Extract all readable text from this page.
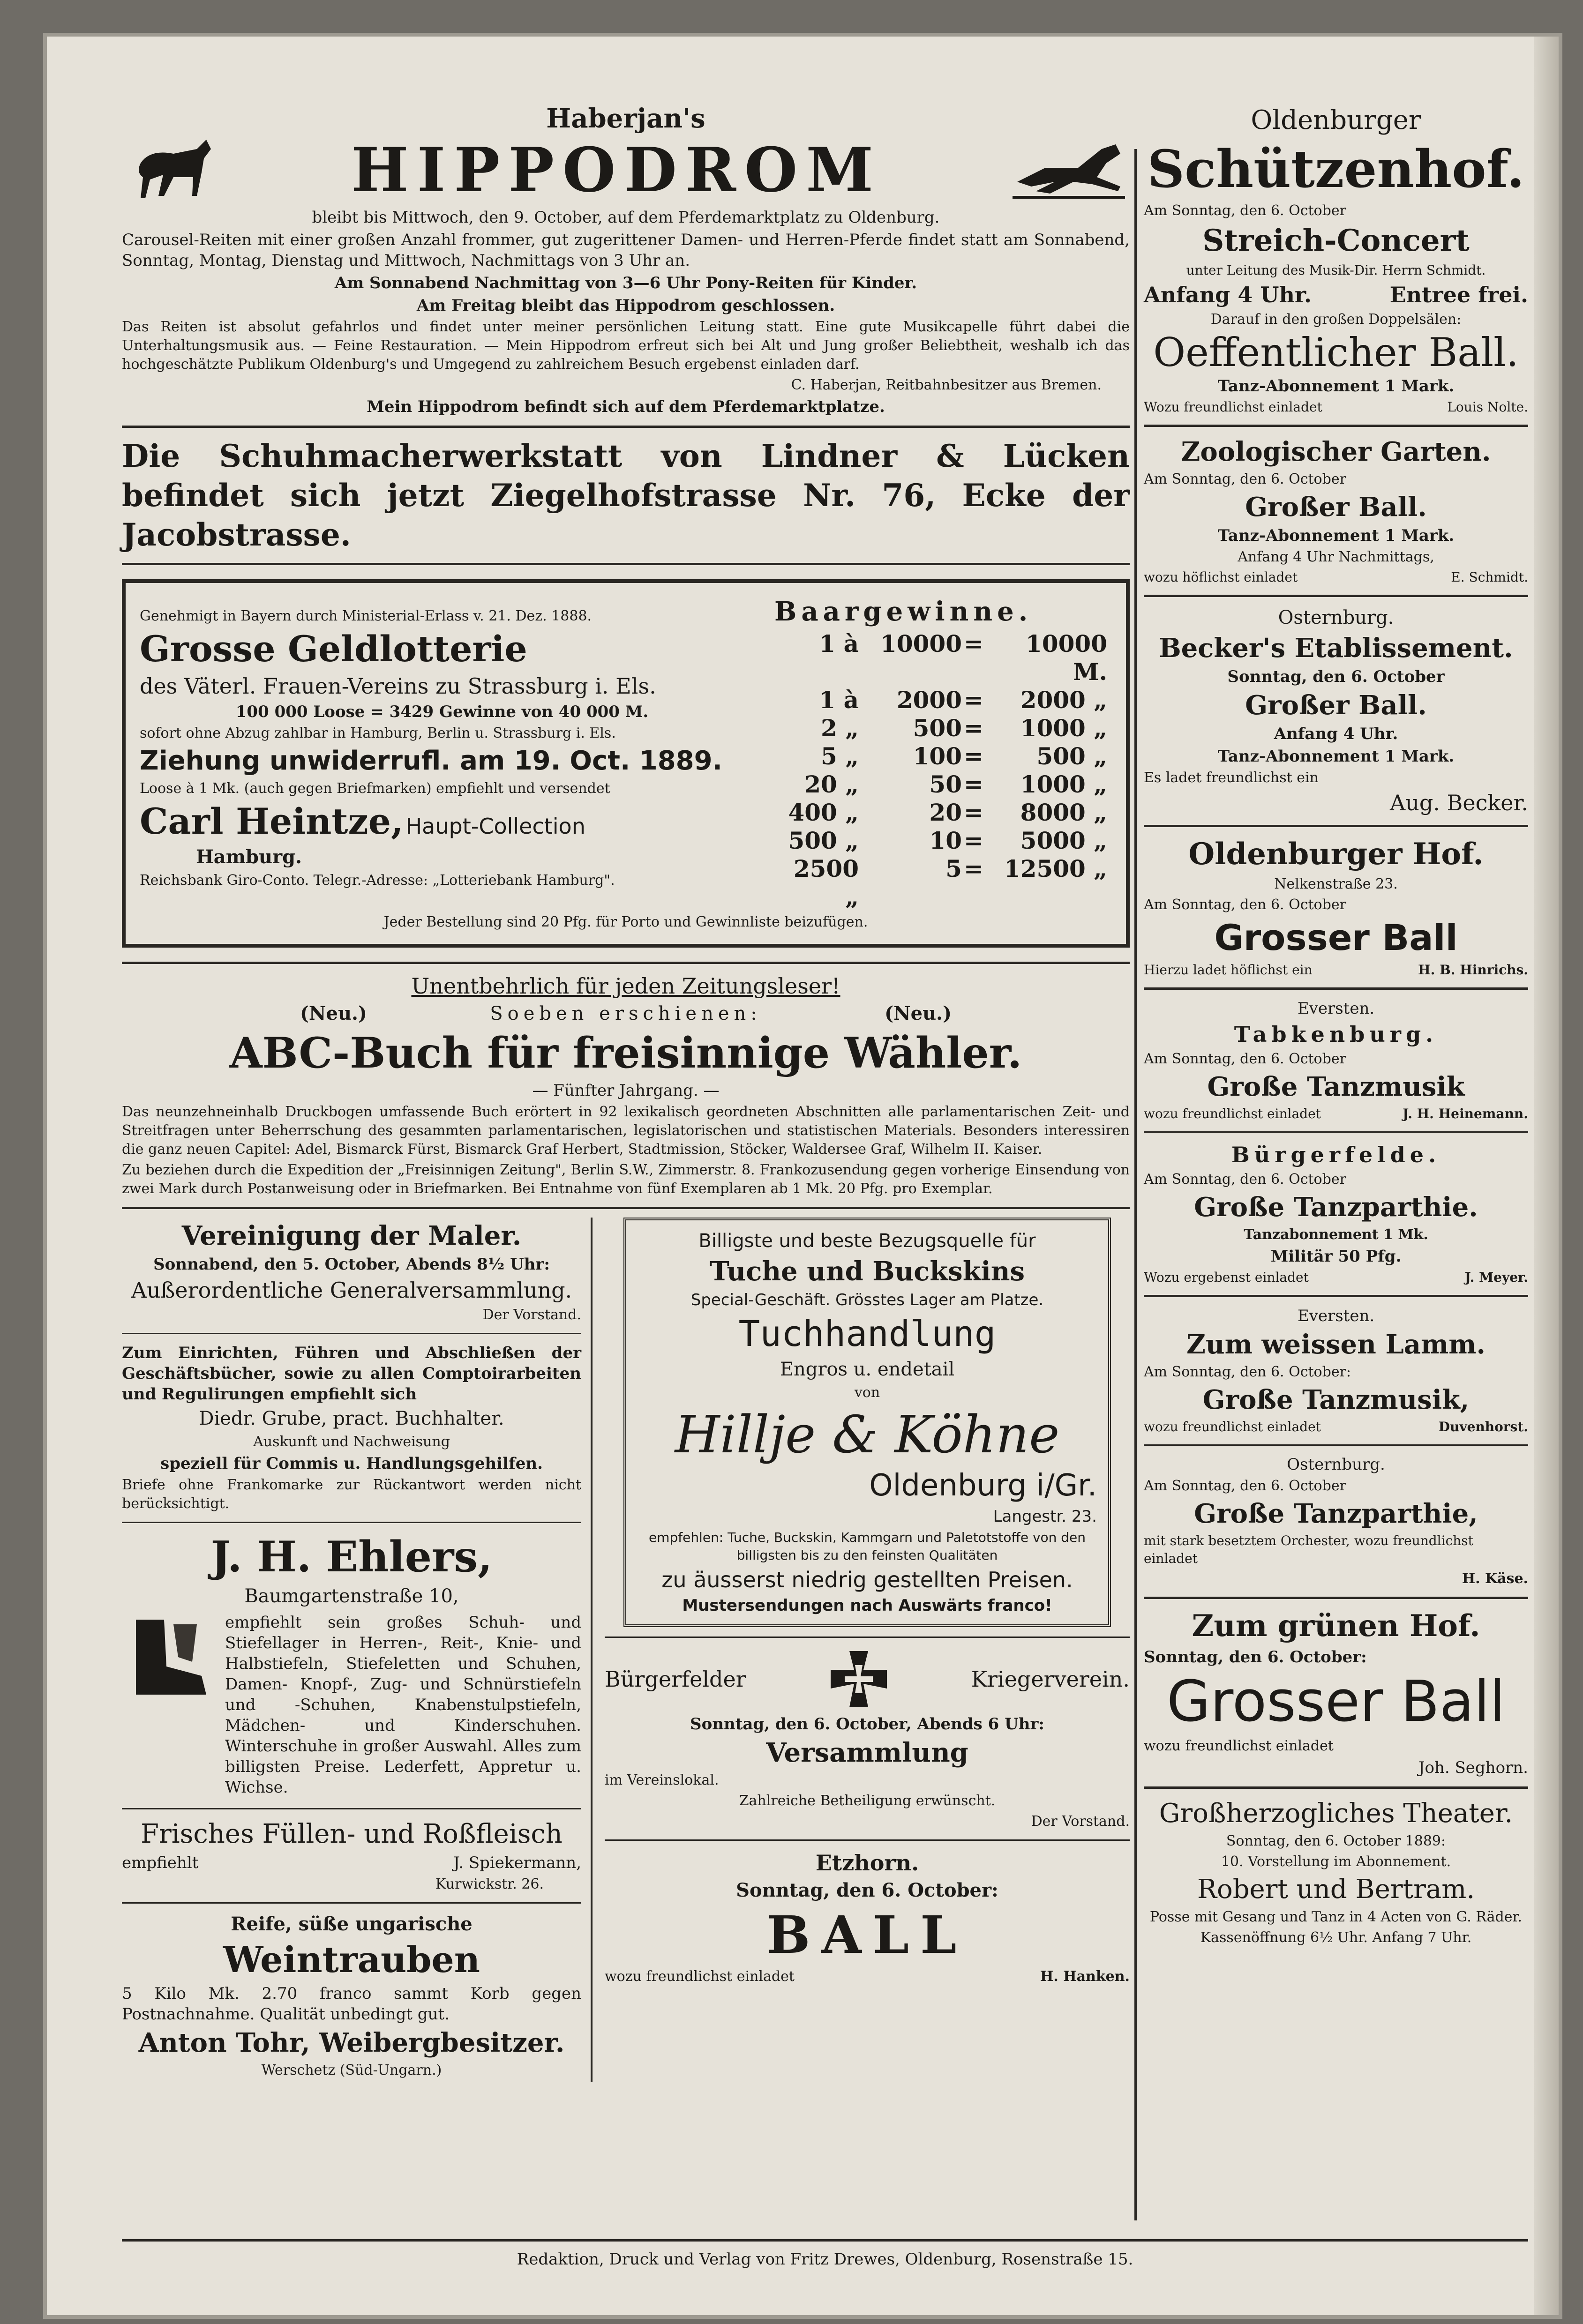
Haberjan's
HIPPODROM

bleibt bis Mittwoch, den 9. October, auf dem Pferdemarktplatz zu Oldenburg.

Carousel-Reiten mit einer großen Anzahl frommer, gut zugerittener Damen- und Herren-Pferde findet statt am Sonnabend, Sonntag, Montag, Dienstag und Mittwoch, Nachmittags von 3 Uhr an.

Am Sonnabend Nachmittag von 3—6 Uhr Pony-Reiten für Kinder.

Am Freitag bleibt das Hippodrom geschlossen.

Das Reiten ist absolut gefahrlos und findet unter meiner persönlichen Leitung statt. Eine gute Musikcapelle führt dabei die Unterhaltungsmusik aus. — Feine Restauration. — Mein Hippodrom erfreut sich bei Alt und Jung großer Beliebtheit, weshalb ich das hochgeschätzte Publikum Oldenburg's und Umgegend zu zahlreichem Besuch ergebenst einladen darf.

C. Haberjan, Reitbahnbesitzer aus Bremen.

Mein Hippodrom befindt sich auf dem Pferdemarktplatze.

Die Schuhmacherwerkstatt von Lindner & Lücken befindet sich jetzt Ziegelhofstrasse Nr. 76, Ecke der Jacobstrasse.

Genehmigt in Bayern durch Ministerial-Erlass v. 21. Dez. 1888.

Grosse Geldlotterie

des Väterl. Frauen-Vereins zu Strassburg i. Els.

100 000 Loose = 3429 Gewinne von 40 000 M.

sofort ohne Abzug zahlbar in Hamburg, Berlin u. Strassburg i. Els.

Ziehung unwiderrufl. am 19. Oct. 1889.

Loose à 1 Mk. (auch gegen Briefmarken) empfiehlt und versendet

Carl Heintze, Haupt-Collection

Hamburg.

Reichsbank Giro-Conto. Telegr.-Adresse: „Lotteriebank Hamburg".

Baargewinne.

1 à 10000 =	10000 M.
1 à	2000 =	2000 „
2 „	500 =	1000 „
5 „	100 =	500 „
20 „	50 =	1000 „
400 „	20 =	8000 „
500 „	10 =	5000 „
2500 „
5 = 12500 „

Jeder Bestellung sind 20 Pfg. für Porto und Gewinnliste beizufügen.

Unentbehrlich für jeden Zeitungsleser!

(Neu.)	Soeben erschienen:	(Neu.)

ABC-Buch für freisinnige Wähler.

— Fünfter Jahrgang. —

Das neunzehneinhalb Druckbogen umfassende Buch erörtert in 92 lexikalisch geordneten Abschnitten alle parlamentarischen Zeit- und Streitfragen unter Beherrschung des gesammten parlamentarischen, legislatorischen und statistischen Materials. Besonders interessiren die ganz neuen Capitel: Adel, Bismarck Fürst, Bismarck Graf Herbert, Stadtmission, Stöcker, Waldersee Graf, Wilhelm II. Kaiser.

Zu beziehen durch die Expedition der „Freisinnigen Zeitung", Berlin S.W., Zimmerstr. 8. Frankozusendung gegen vorherige Einsendung von zwei Mark durch Postanweisung oder in Briefmarken. Bei Entnahme von fünf Exemplaren ab 1 Mk. 20 Pfg. pro Exemplar.

Vereinigung der Maler.

Sonnabend, den 5. October, Abends 8½ Uhr:

Außerordentliche Generalversammlung.

Der Vorstand.

Zum Einrichten, Führen und Abschließen der Geschäftsbücher, sowie zu allen Comptoirarbeiten und Regulirungen empfiehlt sich

Diedr. Grube, pract. Buchhalter.

Auskunft und Nachweisung

speziell für Commis u. Handlungsgehilfen.

Briefe ohne Frankomarke zur Rückantwort werden nicht berücksichtigt.

J. H. Ehlers,

Baumgartenstraße 10,

empfiehlt sein großes Schuh- und Stiefellager in Herren-, Reit-, Knie- und Halbstiefeln, Stiefeletten und Schuhen, Damen- Knopf-, Zug- und Schnürstiefeln und -Schuhen, Knabenstulpstiefeln, Mädchen- und Kinderschuhen. Winterschuhe in großer Auswahl. Alles zum billigsten Preise. Lederfett, Appretur u. Wichse.

Frisches Füllen- und Roßfleisch

empfiehlt	J. Spiekermann,

Kurwickstr. 26.

Reife, süße ungarische

Weintrauben

5 Kilo Mk. 2.70 franco sammt Korb gegen Postnachnahme. Qualität unbedingt gut.

Anton Tohr, Weibergbesitzer.

Werschetz (Süd-Ungarn.)

Billigste und beste Bezugsquelle für

Tuche und Buckskins

Special-Geschäft. Grösstes Lager am Platze.

Tuchhandlung

Engros u. endetail

von

Hillje & Köhne

Oldenburg i/Gr.

Langestr. 23.

empfehlen: Tuche, Buckskin, Kammgarn und Paletotstoffe von den billigsten bis zu den feinsten Qualitäten

zu äusserst niedrig gestellten Preisen.

Mustersendungen nach Auswärts franco!

Bürgerfelder	Kriegerverein.

Sonntag, den 6. October, Abends 6 Uhr:

Versammlung

im Vereinslokal.

Zahlreiche Betheiligung erwünscht.

Der Vorstand.

Etzhorn.

Sonntag, den 6. October:

BALL

wozu freundlichst einladet	H. Hanken.

Oldenburger

Schützenhof.

Am Sonntag, den 6. October

Streich-Concert

unter Leitung des Musik-Dir. Herrn Schmidt.

Anfang 4 Uhr.	Entree frei.

Darauf in den großen Doppelsälen:

Oeffentlicher Ball.

Tanz-Abonnement 1 Mark.

Wozu freundlichst einladet	Louis Nolte.

Zoologischer Garten.

Am Sonntag, den 6. October

Großer Ball.

Tanz-Abonnement 1 Mark.

Anfang 4 Uhr Nachmittags,

wozu höflichst einladet	E. Schmidt.

Osternburg.

Becker's Etablissement.

Sonntag, den 6. October

Großer Ball.

Anfang 4 Uhr.

Tanz-Abonnement 1 Mark.

Es ladet freundlichst ein

Aug. Becker.

Oldenburger Hof.

Nelkenstraße 23.

Am Sonntag, den 6. October

Grosser Ball

Hierzu ladet höflichst ein	H. B. Hinrichs.

Eversten.

Tabkenburg.

Am Sonntag, den 6. October

Große Tanzmusik

wozu freundlichst einladet	J. H. Heinemann.

Bürgerfelde.

Am Sonntag, den 6. October

Große Tanzparthie.

Tanzabonnement 1 Mk.

Militär 50 Pfg.

Wozu ergebenst einladet	J. Meyer.

Eversten.

Zum weissen Lamm.

Am Sonntag, den 6. October:

Große Tanzmusik,

wozu freundlichst einladet	Duvenhorst.

Osternburg.

Am Sonntag, den 6. October

Große Tanzparthie,

mit stark besetztem Orchester, wozu freundlichst einladet

H. Käse.

Zum grünen Hof.

Sonntag, den 6. October:

Grosser Ball

wozu freundlichst einladet

Joh. Seghorn.

Großherzogliches Theater.

Sonntag, den 6. October 1889:

10. Vorstellung im Abonnement.

Robert und Bertram.

Posse mit Gesang und Tanz in 4 Acten von G. Räder.

Kassenöffnung 6½ Uhr. Anfang 7 Uhr.

Redaktion, Druck und Verlag von Fritz Drewes, Oldenburg, Rosenstraße 15.
